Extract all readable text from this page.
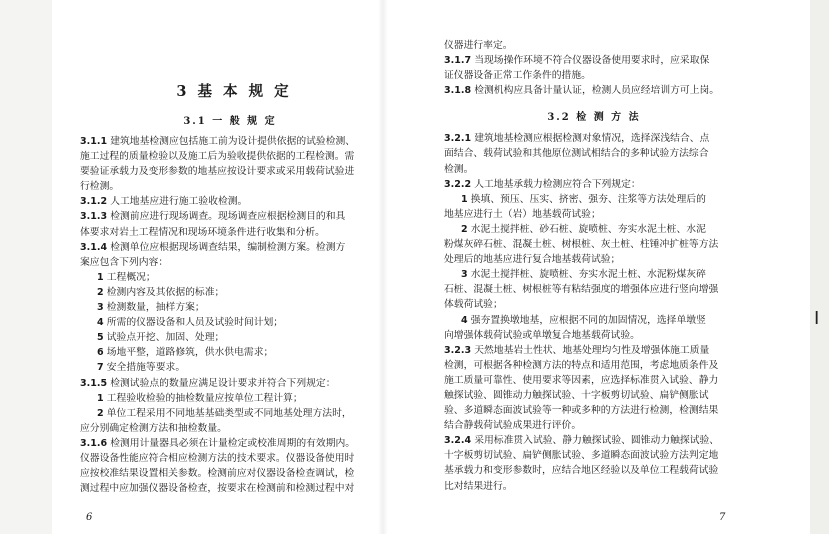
I

3 基 本 规 定

3.1 一 般 规 定

3.1.1 建筑地基检测应包括施工前为设计提供依据的试验检测、

施工过程的质量检验以及施工后为验收提供依据的工程检测。需

要验证承载力及变形参数的地基应按设计要求或采用载荷试验进

行检测。

3.1.2 人工地基应进行施工验收检测。

3.1.3 检测前应进行现场调查。现场调查应根据检测目的和具

体要求对岩土工程情况和现场环境条件进行收集和分析。

3.1.4 检测单位应根据现场调查结果，编制检测方案。检测方

案应包含下列内容：

1 工程概况；

2 检测内容及其依据的标准；

3 检测数量，抽样方案；

4 所需的仪器设备和人员及试验时间计划；

5 试验点开挖、加固、处理；

6 场地平整，道路修筑，供水供电需求；

7 安全措施等要求。

3.1.5 检测试验点的数量应满足设计要求并符合下列规定：

1 工程验收检验的抽检数量应按单位工程计算；

2 单位工程采用不同地基基础类型或不同地基处理方法时，

应分别确定检测方法和抽检数量。

3.1.6 检测用计量器具必须在计量检定或校准周期的有效期内。

仪器设备性能应符合相应检测方法的技术要求。仪器设备使用时

应按校准结果设置相关参数。检测前应对仪器设备检查调试，检

测过程中应加强仪器设备检查，按要求在检测前和检测过程中对

6

仪器进行率定。

3.1.7 当现场操作环境不符合仪器设备使用要求时，应采取保

证仪器设备正常工作条件的措施。

3.1.8 检测机构应具备计量认证，检测人员应经培训方可上岗。

3.2 检 测 方 法

3.2.1 建筑地基检测应根据检测对象情况，选择深浅结合、点

面结合、载荷试验和其他原位测试相结合的多种试验方法综合

检测。

3.2.2 人工地基承载力检测应符合下列规定：

1 换填、预压、压实、挤密、强夯、注浆等方法处理后的

地基应进行土（岩）地基载荷试验；

2 水泥土搅拌桩、砂石桩、旋喷桩、夯实水泥土桩、水泥

粉煤灰碎石桩、混凝土桩、树根桩、灰土桩、柱锤冲扩桩等方法

处理后的地基应进行复合地基载荷试验；

3 水泥土搅拌桩、旋喷桩、夯实水泥土桩、水泥粉煤灰碎

石桩、混凝土桩、树根桩等有粘结强度的增强体应进行竖向增强

体载荷试验；

4 强夯置换墩地基，应根据不同的加固情况，选择单墩竖

向增强体载荷试验或单墩复合地基载荷试验。

3.2.3 天然地基岩土性状、地基处理均匀性及增强体施工质量

检测，可根据各种检测方法的特点和适用范围，考虑地质条件及

施工质量可靠性、使用要求等因素，应选择标准贯入试验、静力

触探试验、圆锥动力触探试验、十字板剪切试验、扁铲侧胀试

验、多道瞬态面波试验等一种或多种的方法进行检测，检测结果

结合静载荷试验成果进行评价。

3.2.4 采用标准贯入试验、静力触探试验、圆锥动力触探试验、

十字板剪切试验、扁铲侧胀试验、多道瞬态面波试验方法判定地

基承载力和变形参数时，应结合地区经验以及单位工程载荷试验

比对结果进行。

7
